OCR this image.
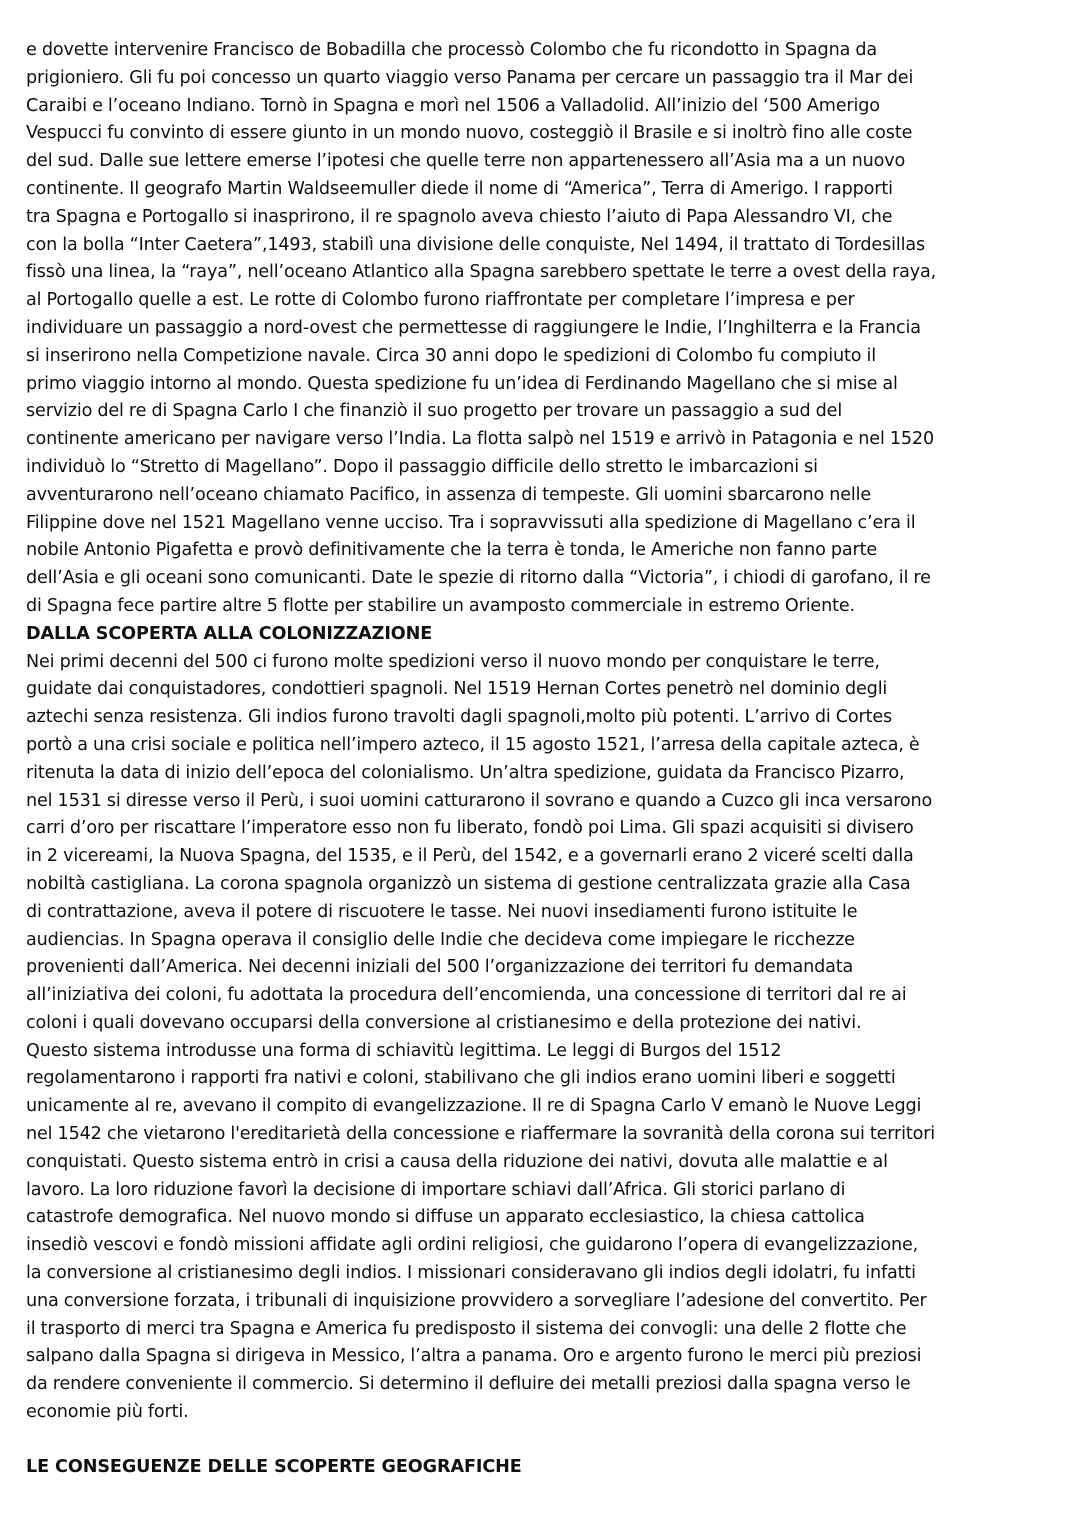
e dovette intervenire Francisco de Bobadilla che processò Colombo che fu ricondotto in Spagna da
prigioniero. Gli fu poi concesso un quarto viaggio verso Panama per cercare un passaggio tra il Mar dei
Caraibi e l’oceano Indiano. Tornò in Spagna e morì nel 1506 a Valladolid. All’inizio del ‘500 Amerigo
Vespucci fu convinto di essere giunto in un mondo nuovo, costeggiò il Brasile e si inoltrò fino alle coste
del sud. Dalle sue lettere emerse l’ipotesi che quelle terre non appartenessero all’Asia ma a un nuovo
continente. Il geografo Martin Waldseemuller diede il nome di “America”, Terra di Amerigo. I rapporti
tra Spagna e Portogallo si inasprirono, il re spagnolo aveva chiesto l’aiuto di Papa Alessandro VI, che
con la bolla “Inter Caetera”,1493, stabilì una divisione delle conquiste, Nel 1494, il trattato di Tordesillas
fissò una linea, la “raya”, nell’oceano Atlantico alla Spagna sarebbero spettate le terre a ovest della raya,
al Portogallo quelle a est. Le rotte di Colombo furono riaffrontate per completare l’impresa e per
individuare un passaggio a nord-ovest che permettesse di raggiungere le Indie, l’Inghilterra e la Francia
si inserirono nella Competizione navale. Circa 30 anni dopo le spedizioni di Colombo fu compiuto il
primo viaggio intorno al mondo. Questa spedizione fu un’idea di Ferdinando Magellano che si mise al
servizio del re di Spagna Carlo I che finanziò il suo progetto per trovare un passaggio a sud del
continente americano per navigare verso l’India. La flotta salpò nel 1519 e arrivò in Patagonia e nel 1520
individuò lo “Stretto di Magellano”. Dopo il passaggio difficile dello stretto le imbarcazioni si
avventurarono nell’oceano chiamato Pacifico, in assenza di tempeste. Gli uomini sbarcarono nelle
Filippine dove nel 1521 Magellano venne ucciso. Tra i sopravvissuti alla spedizione di Magellano c’era il
nobile Antonio Pigafetta e provò definitivamente che la terra è tonda, le Americhe non fanno parte
dell’Asia e gli oceani sono comunicanti. Date le spezie di ritorno dalla “Victoria”, i chiodi di garofano, il re
di Spagna fece partire altre 5 flotte per stabilire un avamposto commerciale in estremo Oriente.

DALLA SCOPERTA ALLA COLONIZZAZIONE

Nei primi decenni del 500 ci furono molte spedizioni verso il nuovo mondo per conquistare le terre,
guidate dai conquistadores, condottieri spagnoli. Nel 1519 Hernan Cortes penetrò nel dominio degli
aztechi senza resistenza. Gli indios furono travolti dagli spagnoli,molto più potenti. L’arrivo di Cortes
portò a una crisi sociale e politica nell’impero azteco, il 15 agosto 1521, l’arresa della capitale azteca, è
ritenuta la data di inizio dell’epoca del colonialismo. Un’altra spedizione, guidata da Francisco Pizarro,
nel 1531 si diresse verso il Perù, i suoi uomini catturarono il sovrano e quando a Cuzco gli inca versarono
carri d’oro per riscattare l’imperatore esso non fu liberato, fondò poi Lima. Gli spazi acquisiti si divisero
in 2 vicereami, la Nuova Spagna, del 1535, e il Perù, del 1542, e a governarli erano 2 viceré scelti dalla
nobiltà castigliana. La corona spagnola organizzò un sistema di gestione centralizzata grazie alla Casa
di contrattazione, aveva il potere di riscuotere le tasse. Nei nuovi insediamenti furono istituite le
audiencias. In Spagna operava il consiglio delle Indie che decideva come impiegare le ricchezze
provenienti dall’America. Nei decenni iniziali del 500 l’organizzazione dei territori fu demandata
all’iniziativa dei coloni, fu adottata la procedura dell’encomienda, una concessione di territori dal re ai
coloni i quali dovevano occuparsi della conversione al cristianesimo e della protezione dei nativi.
Questo sistema introdusse una forma di schiavitù legittima. Le leggi di Burgos del 1512
regolamentarono i rapporti fra nativi e coloni, stabilivano che gli indios erano uomini liberi e soggetti
unicamente al re, avevano il compito di evangelizzazione. Il re di Spagna Carlo V emanò le Nuove Leggi
nel 1542 che vietarono l'ereditarietà della concessione e riaffermare la sovranità della corona sui territori
conquistati. Questo sistema entrò in crisi a causa della riduzione dei nativi, dovuta alle malattie e al
lavoro. La loro riduzione favorì la decisione di importare schiavi dall’Africa. Gli storici parlano di
catastrofe demografica. Nel nuovo mondo si diffuse un apparato ecclesiastico, la chiesa cattolica
insediò vescovi e fondò missioni affidate agli ordini religiosi, che guidarono l’opera di evangelizzazione,
la conversione al cristianesimo degli indios. I missionari consideravano gli indios degli idolatri, fu infatti
una conversione forzata, i tribunali di inquisizione provvidero a sorvegliare l’adesione del convertito. Per
il trasporto di merci tra Spagna e America fu predisposto il sistema dei convogli: una delle 2 flotte che
salpano dalla Spagna si dirigeva in Messico, l’altra a panama. Oro e argento furono le merci più preziosi
da rendere conveniente il commercio. Si determino il defluire dei metalli preziosi dalla spagna verso le
economie più forti.

LE CONSEGUENZE DELLE SCOPERTE GEOGRAFICHE
